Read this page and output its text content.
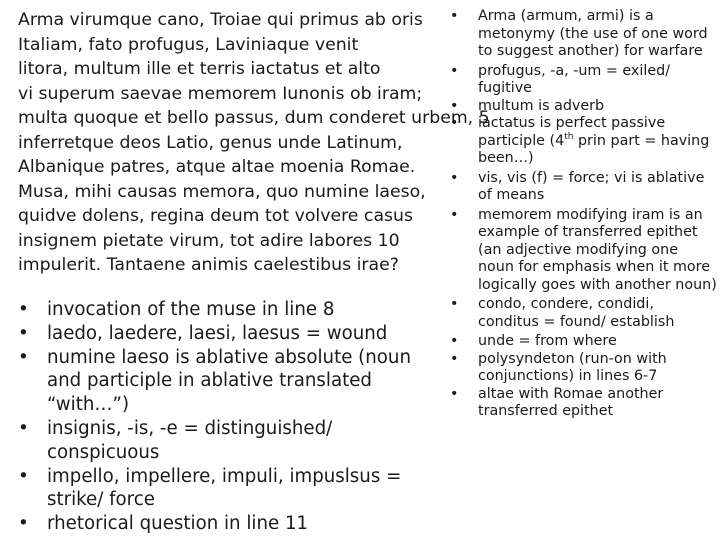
Arma virumque cano, Troiae qui primus ab oris
Italiam, fato profugus, Laviniaque venit
litora, multum ille et terris iactatus et alto
vi superum saevae memorem Iunonis ob iram;
multa quoque et bello passus, dum conderet urbem, 5
inferretque deos Latio, genus unde Latinum,
Albanique patres, atque altae moenia Romae.
Musa, mihi causas memora, quo numine laeso,
quidve dolens, regina deum tot volvere casus
insignem pietate virum, tot adire labores 10
impulerit. Tantaene animis caelestibus irae?
• invocation of the muse in line 8
• laedo, laedere, laesi, laesus = wound
• numine laeso is ablative absolute (noun and participle in ablative translated “with…”)
• insignis, -is, -e = distinguished/ conspicuous
• impello, impellere, impuli, impuslsus = strike/ force
• rhetorical question in line 11
• Arma (armum, armi) is a metonymy (the use of one word to suggest another) for warfare
• profugus, -a, -um = exiled/ fugitive
• multum is adverb
• iactatus is perfect passive participle (4th prin part = having been…)
• vis, vis (f) = force; vi is ablative of means
• memorem modifying iram is an example of transferred epithet (an adjective modifying one noun for emphasis when it more logically goes with another noun)
• condo, condere, condidi, conditus = found/ establish
• unde = from where
• polysyndeton (run-on with conjunctions) in lines 6-7
• altae with Romae another transferred epithet
